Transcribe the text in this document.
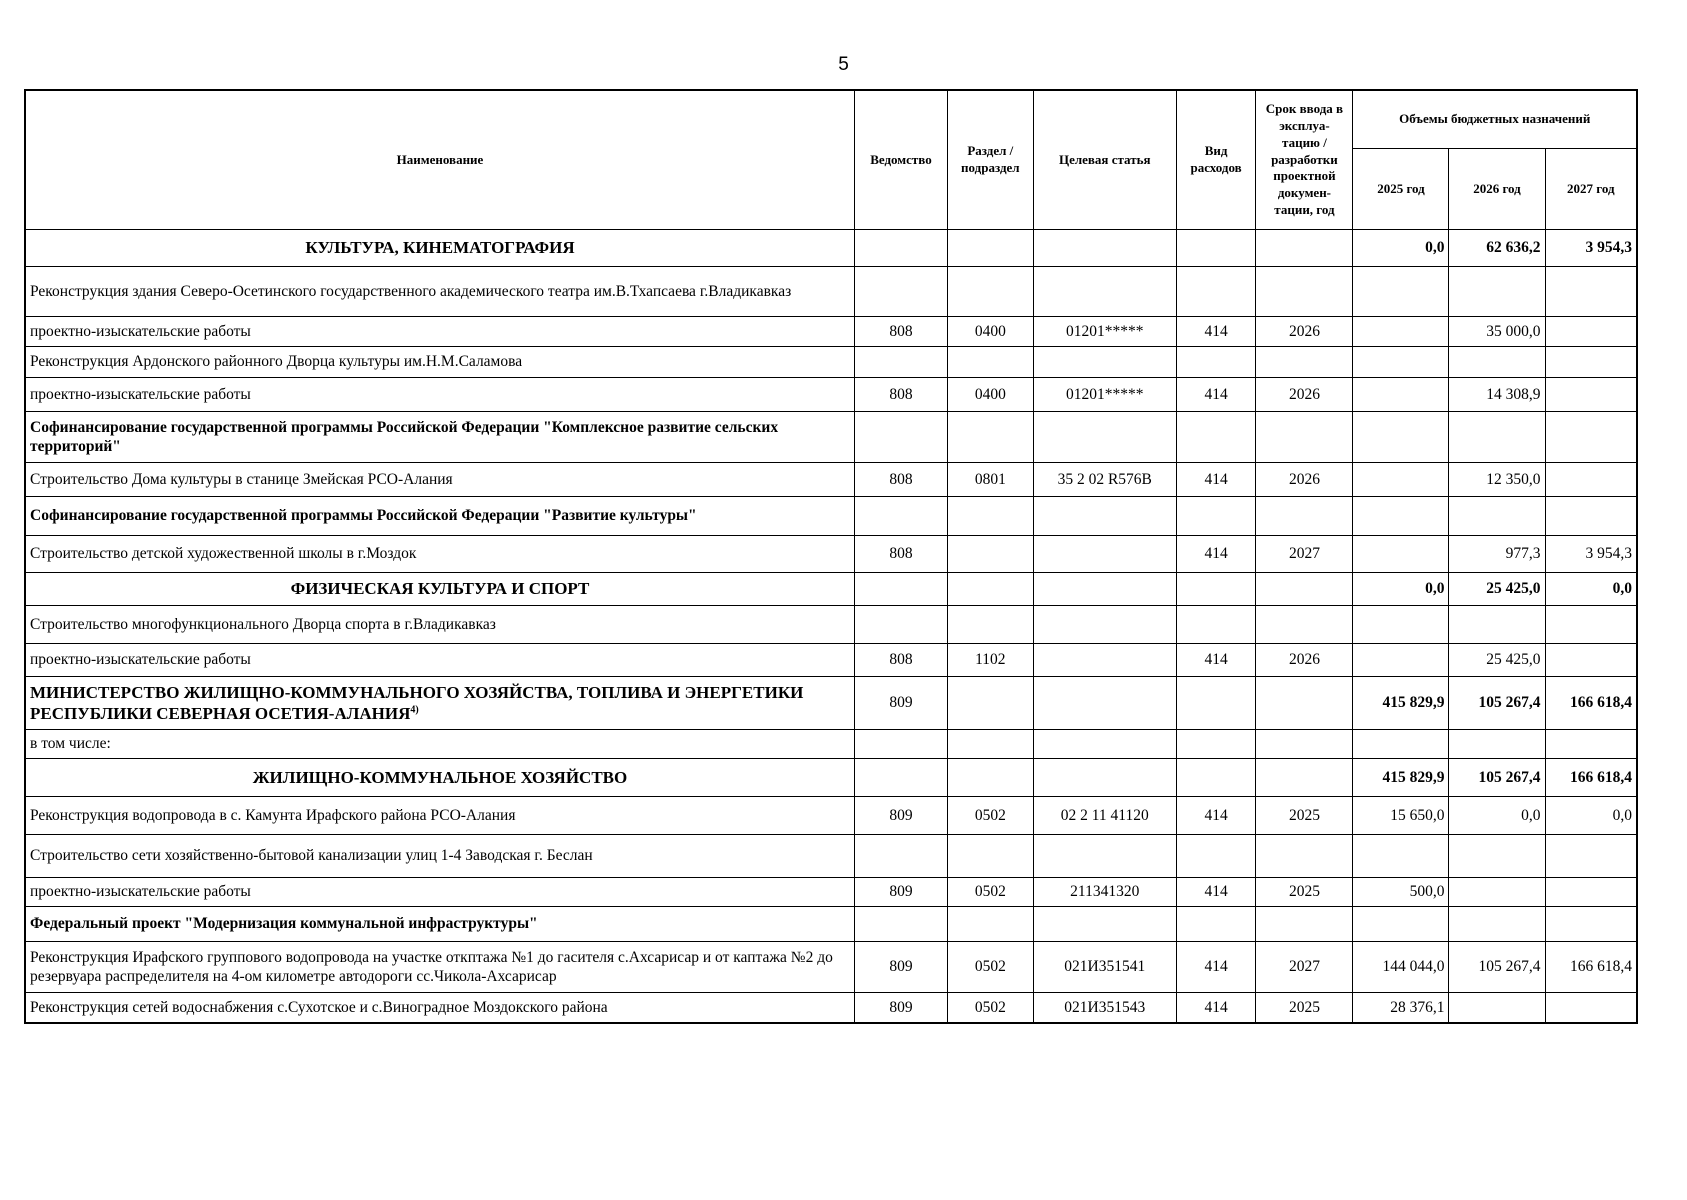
5
Наименование	Ведомство	Раздел / подраздел	Целевая статья	Вид расходов	Срок ввода в эксплуа-тацию / разработки проектной докумен-тации, год	Объемы бюджетных назначений		
						2025 год	2026 год	2027 год
КУЛЬТУРА, КИНЕМАТОГРАФИЯ						0,0	62 636,2	3 954,3
Реконструкция здания Северо-Осетинского государственного академического театра им.В.Тхапсаева г.Владикавказ								
проектно-изыскательские работы	808	0400	01201*****	414	2026		35 000,0	
Реконструкция Ардонского районного Дворца культуры им.Н.М.Саламова								
проектно-изыскательские работы	808	0400	01201*****	414	2026		14 308,9	
Софинансирование государственной программы Российской Федерации "Комплексное развитие сельских территорий"								
Строительство Дома культуры в станице Змейская РСО-Алания	808	0801	35 2 02 R576B	414	2026		12 350,0	
Софинансирование государственной программы Российской Федерации "Развитие культуры"								
Строительство детской художественной школы в г.Моздок	808			414	2027		977,3	3 954,3
ФИЗИЧЕСКАЯ КУЛЬТУРА И СПОРТ						0,0	25 425,0	0,0
Строительство многофункционального Дворца спорта в г.Владикавказ								
проектно-изыскательские работы	808	1102		414	2026		25 425,0	
МИНИСТЕРСТВО ЖИЛИЩНО-КОММУНАЛЬНОГО ХОЗЯЙСТВА, ТОПЛИВА И ЭНЕРГЕТИКИ РЕСПУБЛИКИ СЕВЕРНАЯ ОСЕТИЯ-АЛАНИЯ$^{4)}$	809					415 829,9	105 267,4	166 618,4
в том числе:								
ЖИЛИЩНО-КОММУНАЛЬНОЕ ХОЗЯЙСТВО						415 829,9	105 267,4	166 618,4
Реконструкция водопровода в с. Камунта Ирафского района РСО-Алания	809	0502	02 2 11 41120	414	2025	15 650,0	0,0	0,0
Строительство сети хозяйственно-бытовой канализации улиц 1-4 Заводская г. Беслан								
проектно-изыскательские работы	809	0502	211341320	414	2025	500,0		
Федеральный проект "Модернизация коммунальной инфраструктуры"								
Реконструкция Ирафского группового водопровода на участке откптажа №1 до гасителя с.Ахсарисар и от каптажа №2 до резервуара распределителя на 4-ом километре автодороги сс.Чикола-Ахсарисар	809	0502	021И351541	414	2027	144 044,0	105 267,4	166 618,4
Реконструкция сетей водоснабжения с.Сухотское и с.Виноградное Моздокского района	809	0502	021И351543	414	2025	28 376,1		
